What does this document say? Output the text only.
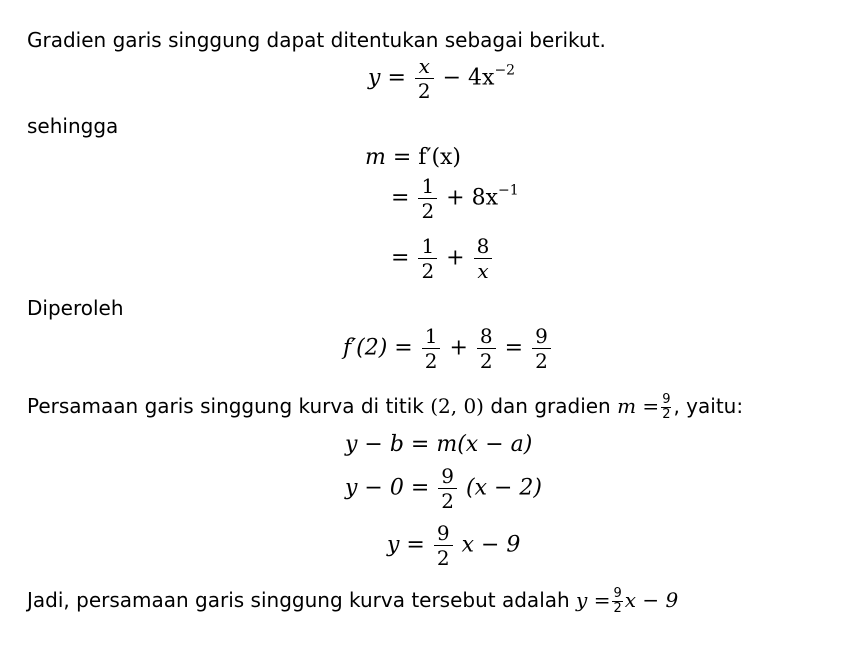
Gradien garis singgung dapat ditentukan sebagai berikut.
$y = \frac{x}{2} - 4x^{-2}$
sehingga
m = f′(x)
= $\frac{1}{2} + 8x^{-1}$
= $\frac{1}{2} + \frac{8}{x}$
Diperoleh
$f'(2) = \frac{1}{2} + \frac{8}{2} = \frac{9}{2}$
Persamaan garis singgung kurva di titik (2, 0) dan gradien $m = \frac{9}{2}$ , yaitu:
y − b = m(x − a)
$y - 0 = \frac{9}{2} (x - 2)$
$y = \frac{9}{2}$ x − 9
Jadi, persamaan garis singgung kurva tersebut adalah $y = \frac{9}{2}$ x − 9
